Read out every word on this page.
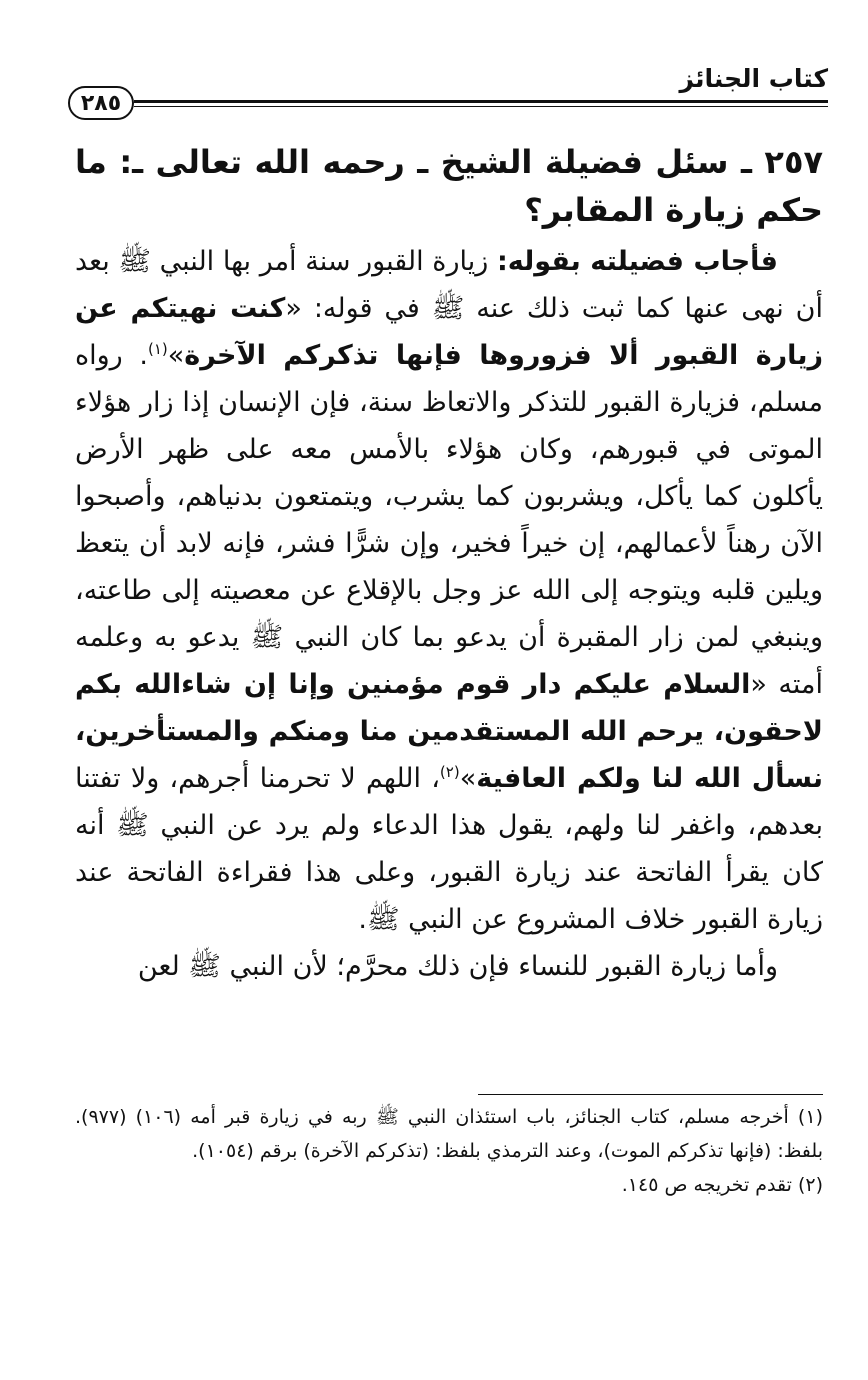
كتاب الجنائز
٢٨٥

٢٥٧ ـ سئل فضيلة الشيخ ـ رحمه الله تعالى ـ: ما حكم زيارة المقابر؟

فأجاب فضيلته بقوله: زيارة القبور سنة أمر بها النبي ﷺ بعد أن نهى عنها كما ثبت ذلك عنه ﷺ في قوله: «كنت نهيتكم عن زيارة القبور ألا فزوروها فإنها تذكركم الآخرة»$^{(١)}$. رواه مسلم، فزيارة القبور للتذكر والاتعاظ سنة، فإن الإنسان إذا زار هؤلاء الموتى في قبورهم، وكان هؤلاء بالأمس معه على ظهر الأرض يأكلون كما يأكل، ويشربون كما يشرب، ويتمتعون بدنياهم، وأصبحوا الآن رهناً لأعمالهم، إن خيراً فخير، وإن شرًّا فشر، فإنه لابد أن يتعظ ويلين قلبه ويتوجه إلى الله عز وجل بالإقلاع عن معصيته إلى طاعته، وينبغي لمن زار المقبرة أن يدعو بما كان النبي ﷺ يدعو به وعلمه أمته «السلام عليكم دار قوم مؤمنين وإنا إن شاءالله بكم لاحقون، يرحم الله المستقدمين منا ومنكم والمستأخرين، نسأل الله لنا ولكم العافية»$^{(٢)}$، اللهم لا تحرمنا أجرهم، ولا تفتنا بعدهم، واغفر لنا ولهم، يقول هذا الدعاء ولم يرد عن النبي ﷺ أنه كان يقرأ الفاتحة عند زيارة القبور، وعلى هذا فقراءة الفاتحة عند زيارة القبور خلاف المشروع عن النبي ﷺ.

وأما زيارة القبور للنساء فإن ذلك محرَّم؛ لأن النبي ﷺ لعن

(١) أخرجه مسلم، كتاب الجنائز، باب استئذان النبي ﷺ ربه في زيارة قبر أمه (١٠٦) (٩٧٧). بلفظ: (فإنها تذكركم الموت)، وعند الترمذي بلفظ: (تذكركم الآخرة) برقم (١٠٥٤).

(٢) تقدم تخريجه ص ١٤٥.
